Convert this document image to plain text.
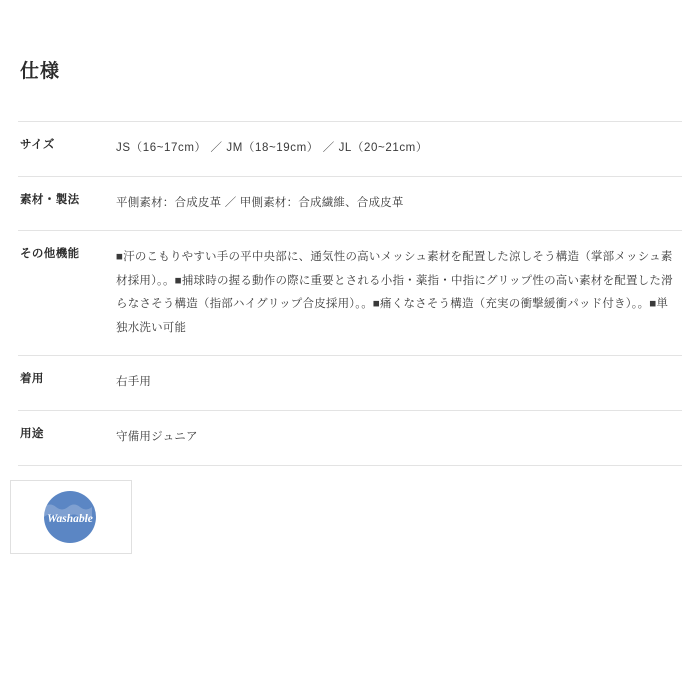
仕様
サイズ	JS（16~17cm） ／ JM（18~19cm） ／ JL（20~21cm）
素材・製法	平側素材：合成皮革 ／ 甲側素材：合成繊維、合成皮革
その他機能	■汗のこもりやすい手の平中央部に、通気性の高いメッシュ素材を配置した涼しそう構造（掌部メッシュ素材採用）。。■捕球時の握る動作の際に重要とされる小指・薬指・中指にグリップ性の高い素材を配置した滑らなさそう構造（指部ハイグリップ合皮採用）。。■痛くなさそう構造（充実の衝撃緩衝パッド付き）。。■単独水洗い可能
着用	右手用
用途	守備用ジュニア
Washable
